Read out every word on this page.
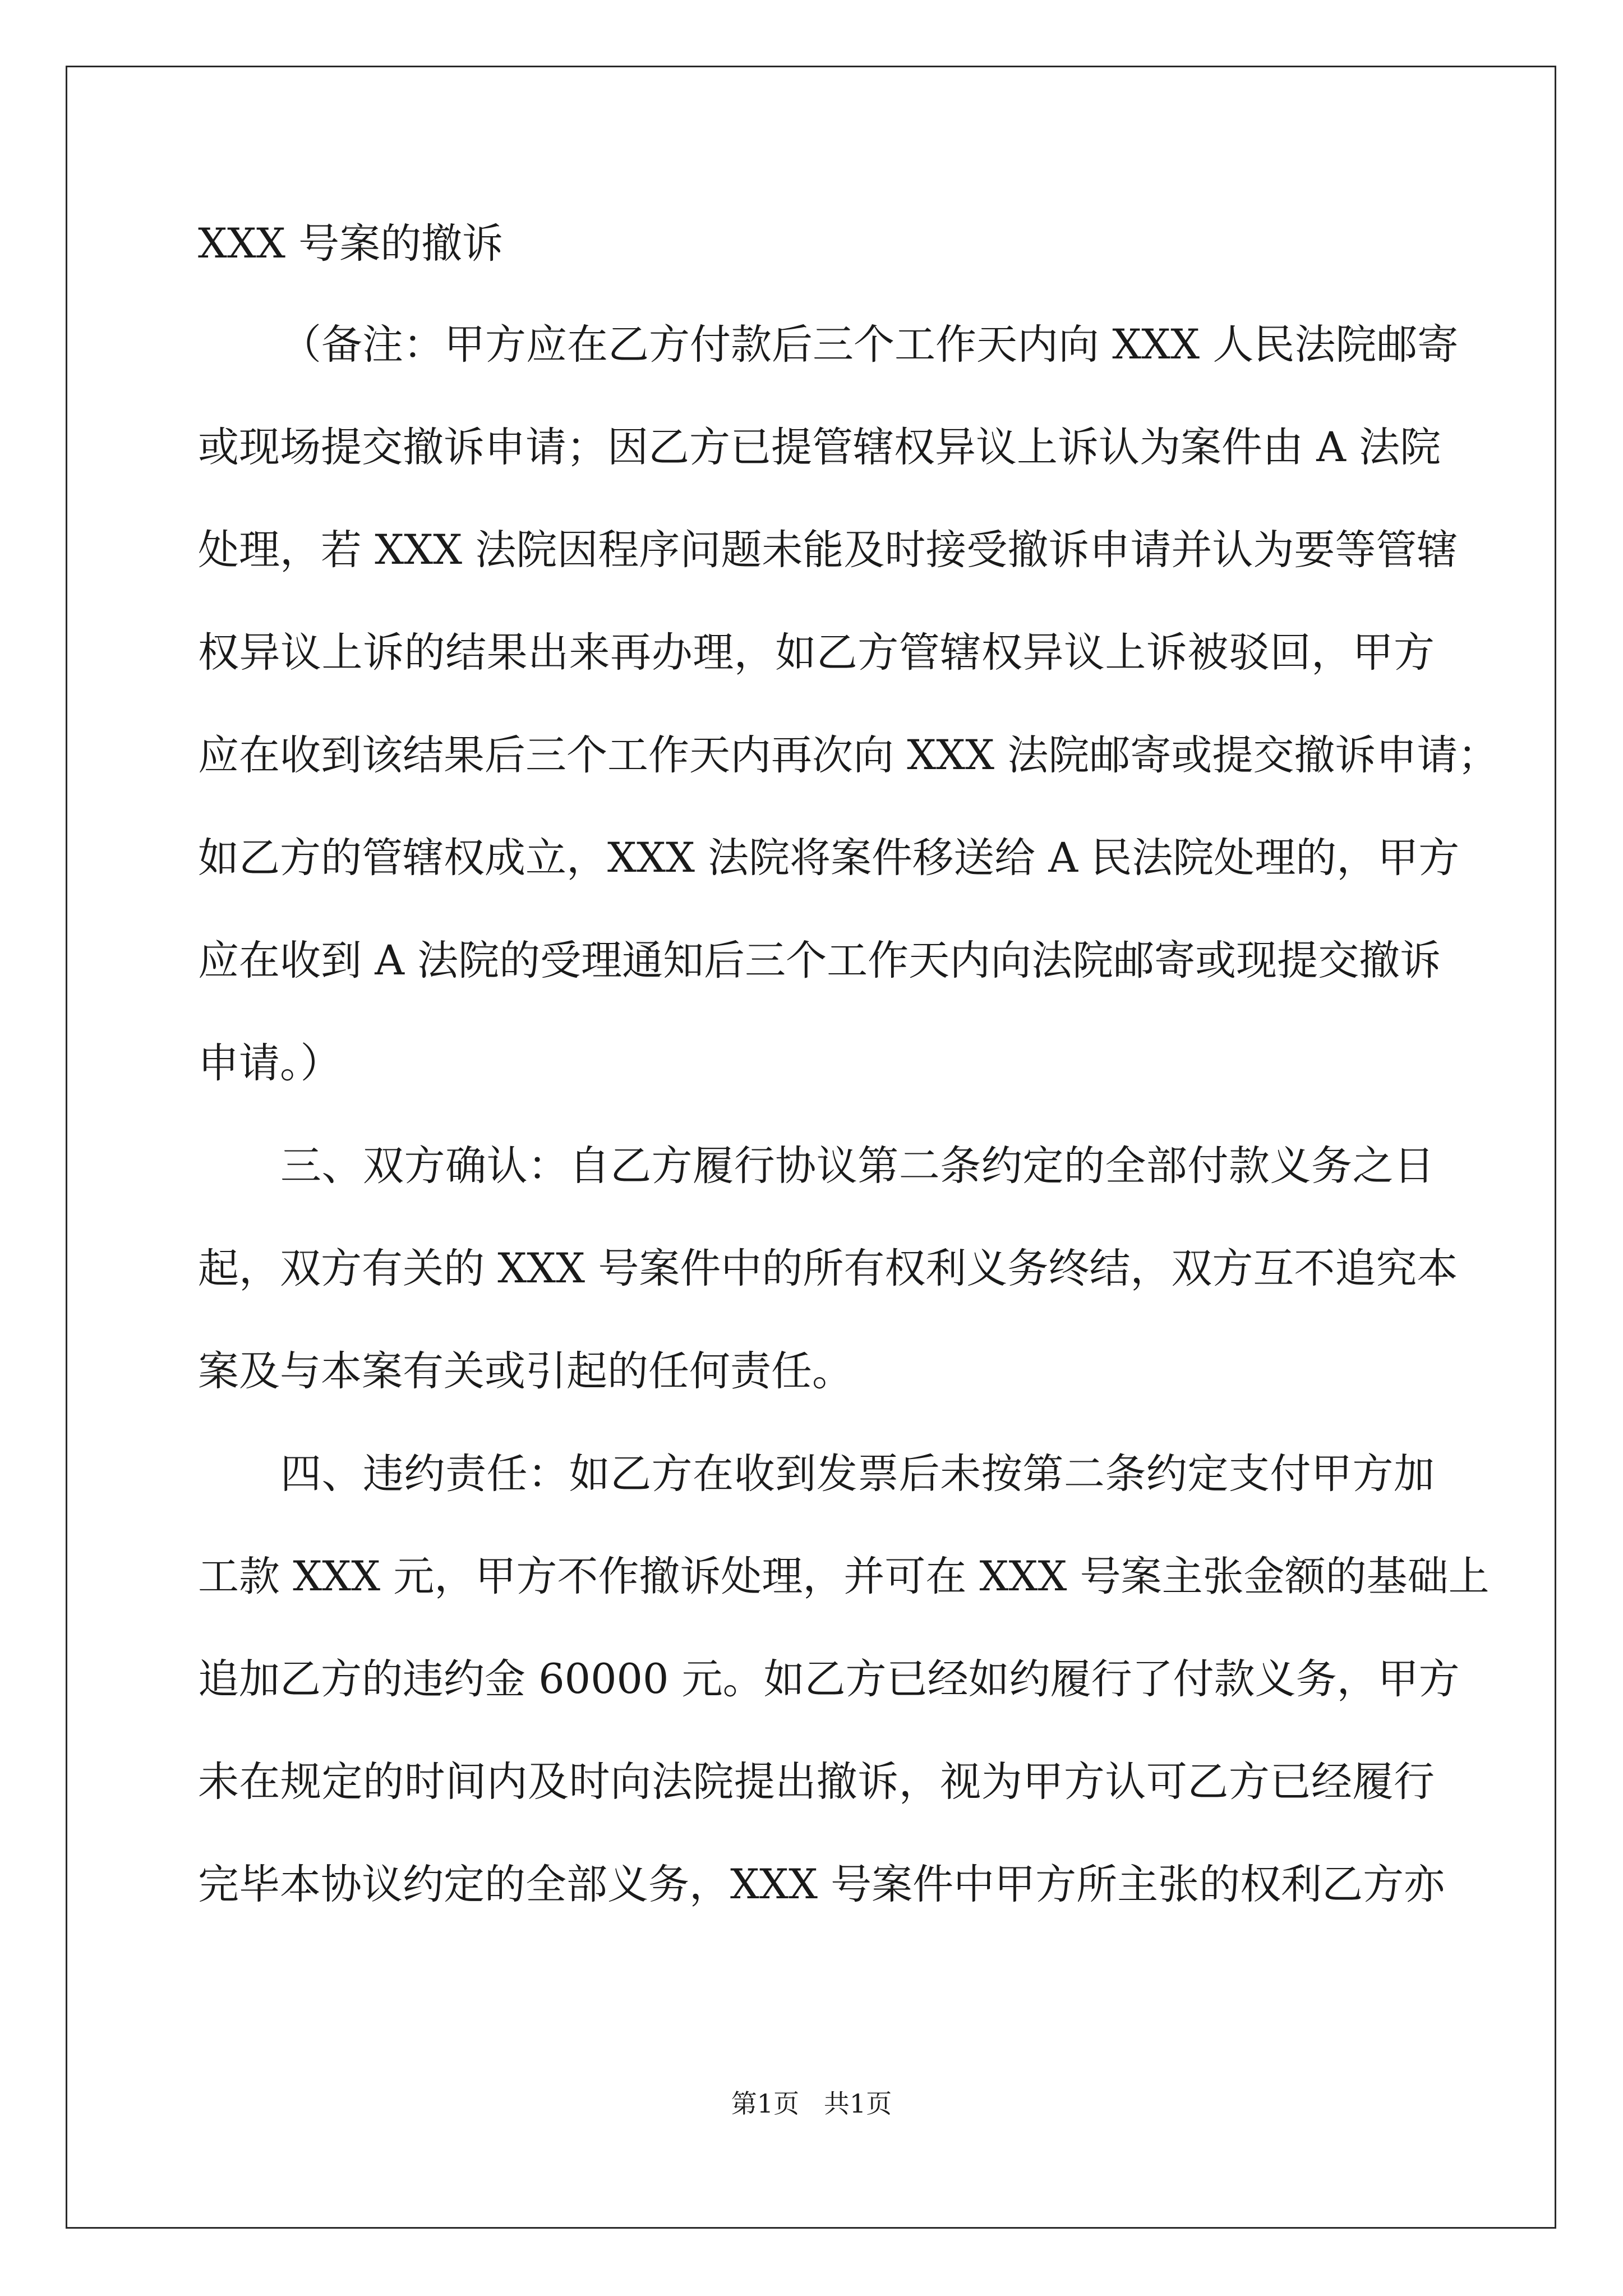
XXX 号案的撤诉
（备注：甲方应在乙方付款后三个工作天内向 XXX 人民法院邮寄
或现场提交撤诉申请；因乙方已提管辖权异议上诉认为案件由 A 法院
处理，若 XXX 法院因程序问题未能及时接受撤诉申请并认为要等管辖
权异议上诉的结果出来再办理，如乙方管辖权异议上诉被驳回，甲方
应在收到该结果后三个工作天内再次向 XXX 法院邮寄或提交撤诉申请；
如乙方的管辖权成立，XXX 法院将案件移送给 A 民法院处理的，甲方
应在收到 A 法院的受理通知后三个工作天内向法院邮寄或现提交撤诉
申请。）
三、双方确认：自乙方履行协议第二条约定的全部付款义务之日
起，双方有关的 XXX 号案件中的所有权利义务终结，双方互不追究本
案及与本案有关或引起的任何责任。
四、违约责任：如乙方在收到发票后未按第二条约定支付甲方加
工款 XXX 元，甲方不作撤诉处理，并可在 XXX 号案主张金额的基础上
追加乙方的违约金 60000 元。如乙方已经如约履行了付款义务，甲方
未在规定的时间内及时向法院提出撤诉，视为甲方认可乙方已经履行
完毕本协议约定的全部义务，XXX 号案件中甲方所主张的权利乙方亦
第1页   共1页
